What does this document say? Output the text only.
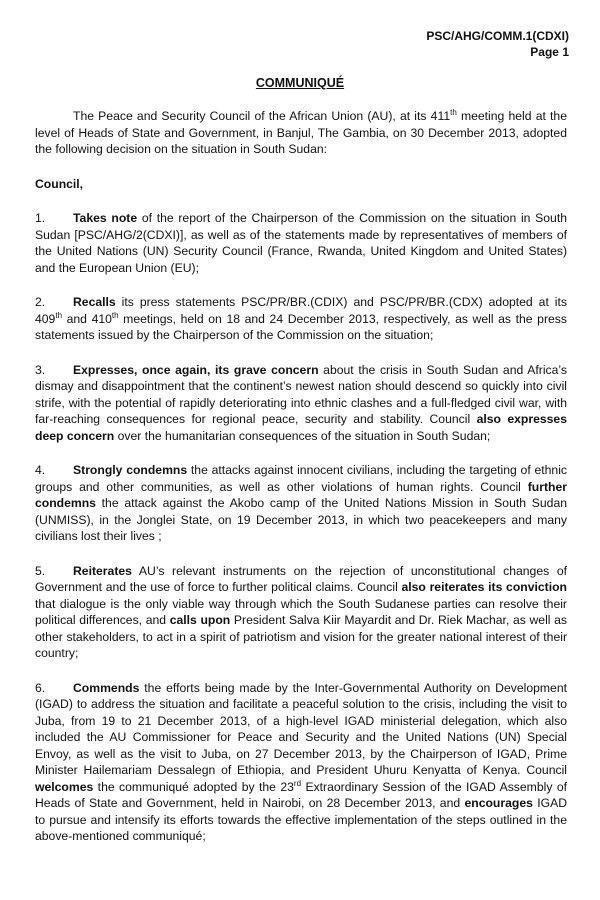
PSC/AHG/COMM.1(CDXI)
Page 1
COMMUNIQUÉ

The Peace and Security Council of the African Union (AU), at its 411th meeting held at the level of Heads of State and Government, in Banjul, The Gambia, on 30 December 2013, adopted the following decision on the situation in South Sudan:

Council,

1. Takes note of the report of the Chairperson of the Commission on the situation in South Sudan [PSC/AHG/2(CDXI)], as well as of the statements made by representatives of members of the United Nations (UN) Security Council (France, Rwanda, United Kingdom and United States) and the European Union (EU);

2. Recalls its press statements PSC/PR/BR.(CDIX) and PSC/PR/BR.(CDX) adopted at its 409th and 410th meetings, held on 18 and 24 December 2013, respectively, as well as the press statements issued by the Chairperson of the Commission on the situation;

3. Expresses, once again, its grave concern about the crisis in South Sudan and Africa’s dismay and disappointment that the continent’s newest nation should descend so quickly into civil strife, with the potential of rapidly deteriorating into ethnic clashes and a full-fledged civil war, with far-reaching consequences for regional peace, security and stability. Council also expresses deep concern over the humanitarian consequences of the situation in South Sudan;

4. Strongly condemns the attacks against innocent civilians, including the targeting of ethnic groups and other communities, as well as other violations of human rights. Council further condemns the attack against the Akobo camp of the United Nations Mission in South Sudan (UNMISS), in the Jonglei State, on 19 December 2013, in which two peacekeepers and many civilians lost their lives ;

5. Reiterates AU’s relevant instruments on the rejection of unconstitutional changes of Government and the use of force to further political claims. Council also reiterates its conviction that dialogue is the only viable way through which the South Sudanese parties can resolve their political differences, and calls upon President Salva Kiir Mayardit and Dr. Riek Machar, as well as other stakeholders, to act in a spirit of patriotism and vision for the greater national interest of their country;

6. Commends the efforts being made by the Inter-Governmental Authority on Development (IGAD) to address the situation and facilitate a peaceful solution to the crisis, including the visit to Juba, from 19 to 21 December 2013, of a high-level IGAD ministerial delegation, which also included the AU Commissioner for Peace and Security and the United Nations (UN) Special Envoy, as well as the visit to Juba, on 27 December 2013, by the Chairperson of IGAD, Prime Minister Hailemariam Dessalegn of Ethiopia, and President Uhuru Kenyatta of Kenya. Council welcomes the communiqué adopted by the 23rd Extraordinary Session of the IGAD Assembly of Heads of State and Government, held in Nairobi, on 28 December 2013, and encourages IGAD to pursue and intensify its efforts towards the effective implementation of the steps outlined in the above-mentioned communiqué;
